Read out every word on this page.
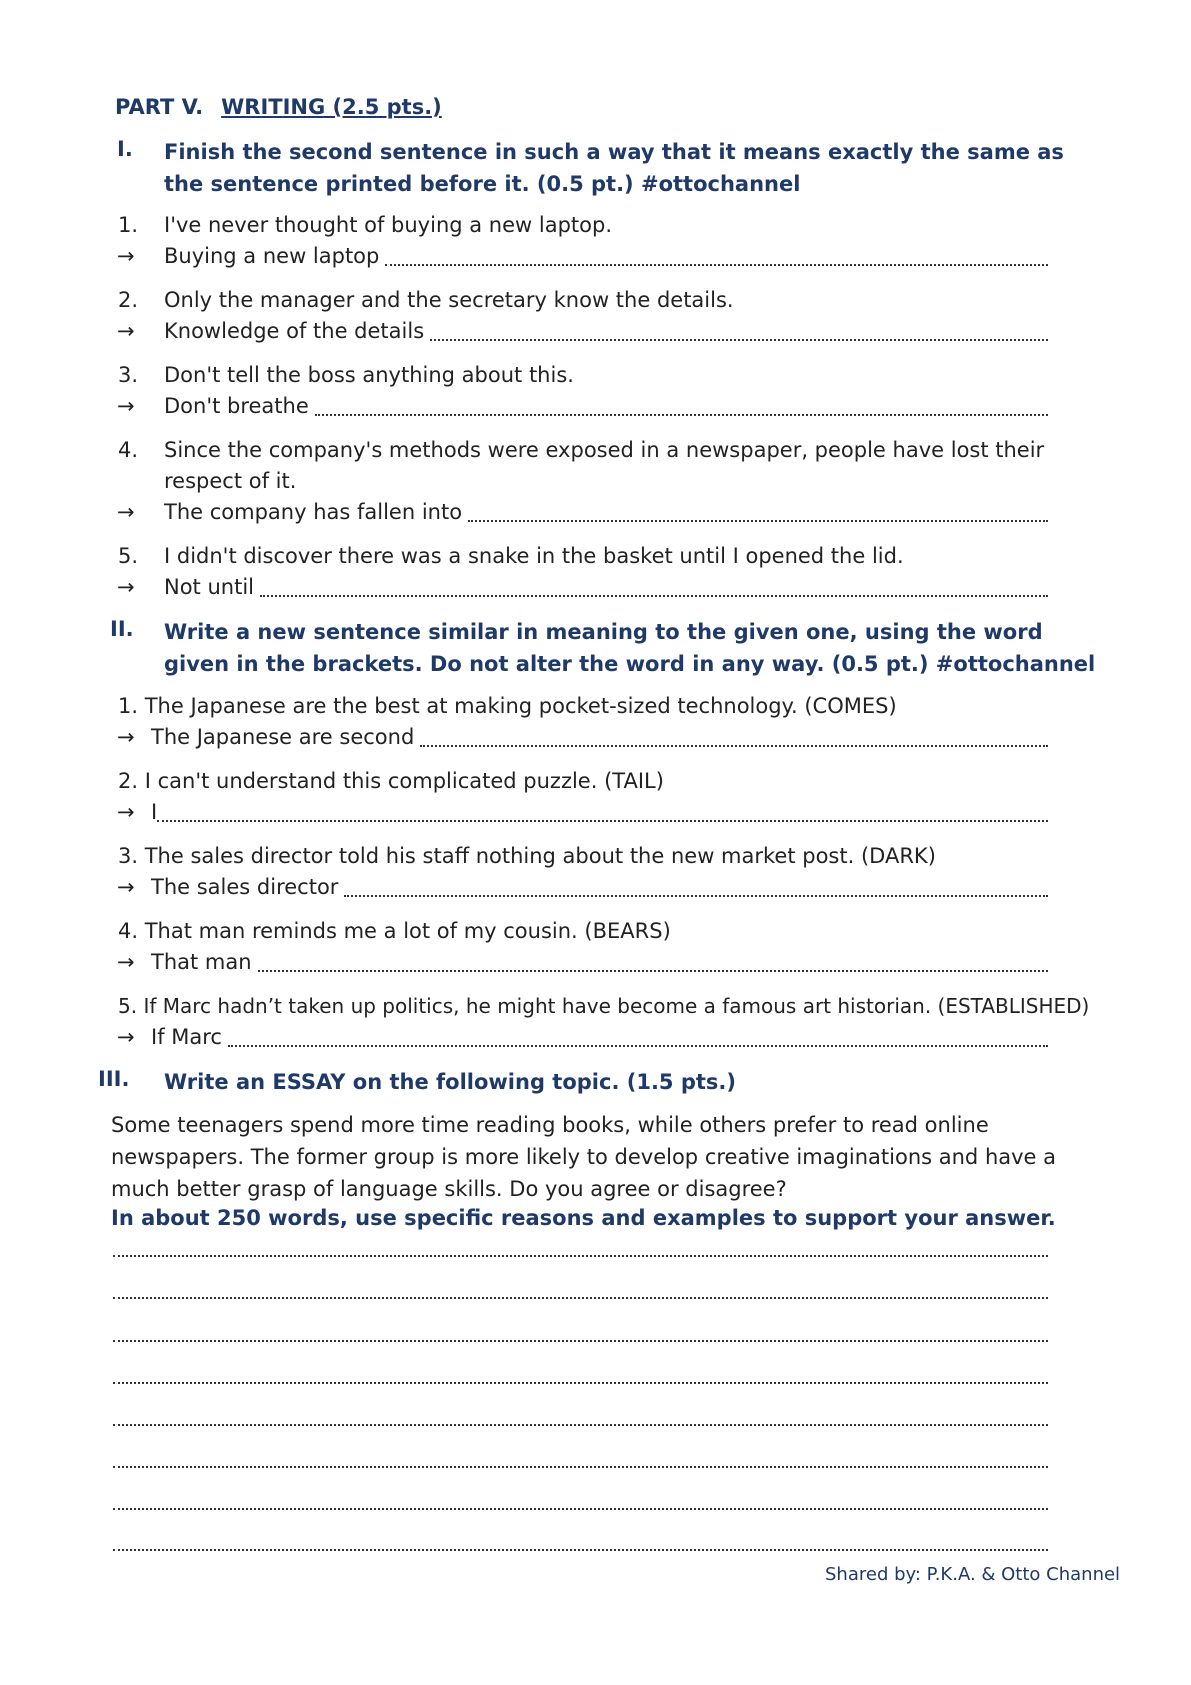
PART V. WRITING (2.5 pts.)
I. Finish the second sentence in such a way that it means exactly the same as the sentence printed before it. (0.5 pt.) #ottochannel
1. I've never thought of buying a new laptop.
→ Buying a new laptop
2. Only the manager and the secretary know the details.
→ Knowledge of the details
3. Don't tell the boss anything about this.
→ Don't breathe
4. Since the company's methods were exposed in a newspaper, people have lost their respect of it.
→ The company has fallen into
5. I didn't discover there was a snake in the basket until I opened the lid.
→ Not until
II. Write a new sentence similar in meaning to the given one, using the word given in the brackets. Do not alter the word in any way. (0.5 pt.) #ottochannel
1. The Japanese are the best at making pocket-sized technology. (COMES)
→ The Japanese are second
2. I can't understand this complicated puzzle. (TAIL)
→ I
3. The sales director told his staff nothing about the new market post. (DARK)
→ The sales director
4. That man reminds me a lot of my cousin. (BEARS)
→ That man
5. If Marc hadn’t taken up politics, he might have become a famous art historian. (ESTABLISHED)
→ If Marc
III. Write an ESSAY on the following topic. (1.5 pts.)
Some teenagers spend more time reading books, while others prefer to read online newspapers. The former group is more likely to develop creative imaginations and have a much better grasp of language skills. Do you agree or disagree?
In about 250 words, use specific reasons and examples to support your answer.
Shared by: P.K.A. & Otto Channel
